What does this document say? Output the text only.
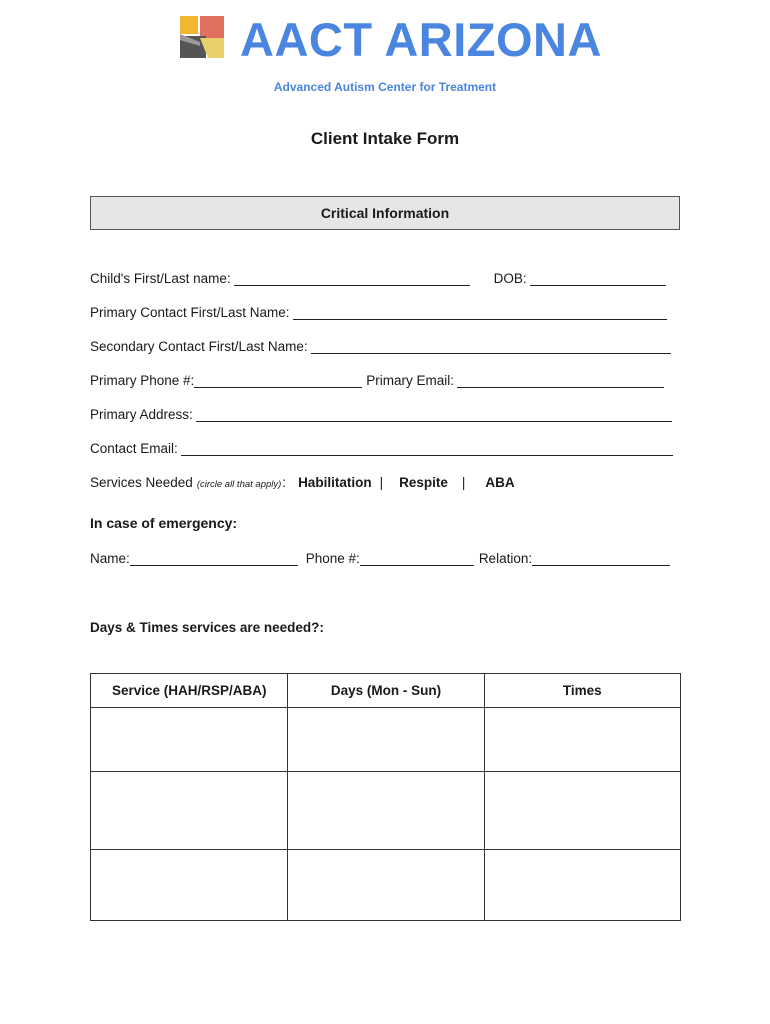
AACT ARIZONA
Advanced Autism Center for Treatment
Client Intake Form
Critical Information
Child's First/Last name:	DOB:
Primary Contact First/Last Name:
Secondary Contact First/Last Name:
Primary Phone #:	Primary Email:
Primary Address:
Contact Email:
Services Needed (circle all that apply) : Habilitation | Respite | ABA
In case of emergency:
Name:	Phone #:	Relation:
Days & Times services are needed?:
Service (HAH/RSP/ABA)	Days (Mon - Sun)	Times
